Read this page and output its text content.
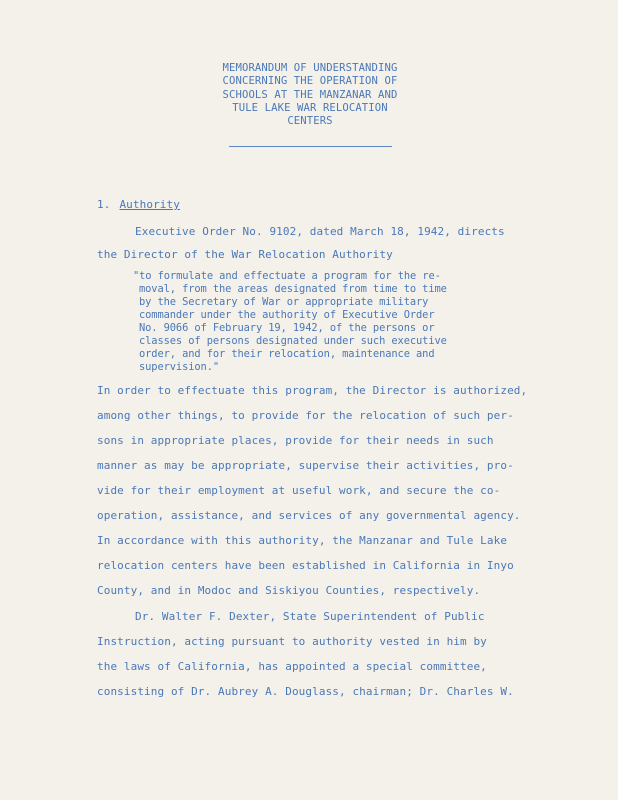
MEMORANDUM OF UNDERSTANDING
CONCERNING THE OPERATION OF
SCHOOLS AT THE MANZANAR AND
TULE LAKE WAR RELOCATION
CENTERS
1. Authority
Executive Order No. 9102, dated March 18, 1942, directs
the Director of the War Relocation Authority
"to formulate and effectuate a program for the re-
moval, from the areas designated from time to time
by the Secretary of War or appropriate military
commander under the authority of Executive Order
No. 9066 of February 19, 1942, of the persons or
classes of persons designated under such executive
order, and for their relocation, maintenance and
supervision."
In order to effectuate this program, the Director is authorized,
among other things, to provide for the relocation of such per-
sons in appropriate places, provide for their needs in such
manner as may be appropriate, supervise their activities, pro-
vide for their employment at useful work, and secure the co-
operation, assistance, and services of any governmental agency.
In accordance with this authority, the Manzanar and Tule Lake
relocation centers have been established in California in Inyo
County, and in Modoc and Siskiyou Counties, respectively.
Dr. Walter F. Dexter, State Superintendent of Public
Instruction, acting pursuant to authority vested in him by
the laws of California, has appointed a special committee,
consisting of Dr. Aubrey A. Douglass, chairman; Dr. Charles W.
